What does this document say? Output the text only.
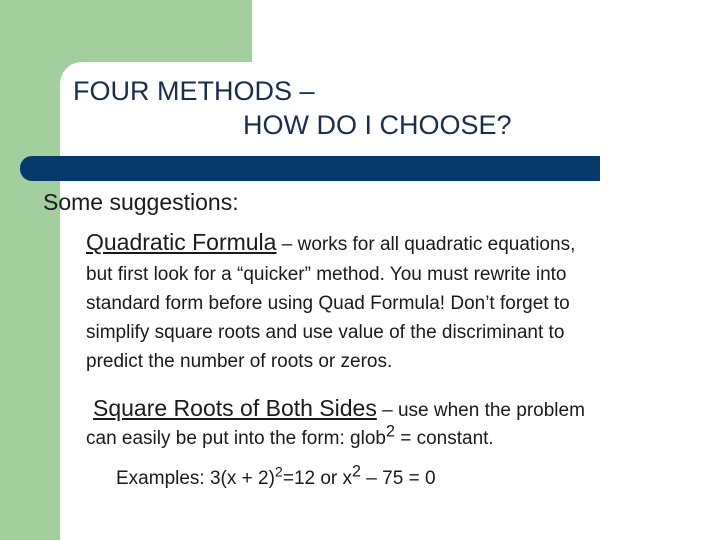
FOUR METHODS –
HOW DO I CHOOSE?
Some suggestions:
Quadratic Formula – works for all quadratic equations,
but first look for a “quicker” method. You must rewrite into
standard form before using Quad Formula! Don’t forget to
simplify square roots and use value of the discriminant to
predict the number of roots or zeros.
Square Roots of Both Sides – use when the problem
can easily be put into the form: glob$^2$ = constant.
Examples: $3(x + 2)^2=12$ or $x^2 - 75 = 0$
